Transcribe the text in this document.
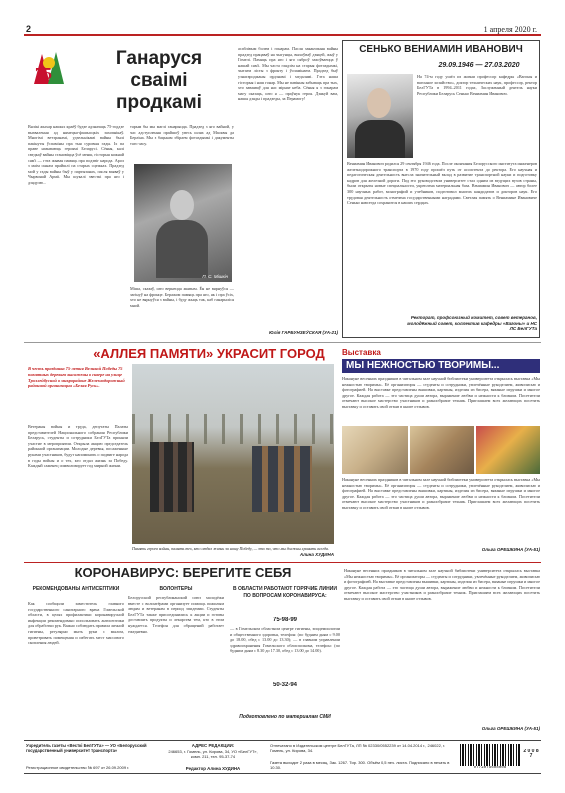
2	1 апреля 2020 г.
75
Ганаруся
сваімі
продкамі
Вялікі жыхар нашых краёў будзе адзначаць 75-годдзе вызвалення ад нямецка-фашысцкіх захопнікаў. Многімі ветэранамі, удзельнікамі вайны былі пакінуты ўспаміны пра тыя суровыя гады. Іх па праве называюць героямі Беларусі. Сёння, калі сведкаў вайны становіцца ўсё менш, гісторыя кожнай сям'і — гэта жывая памяць пра подзвіг народа. Арол з маім сынам прайшлі па старых сцежках. Прадзед мой у гады вайны быў у партызанах, пасля ваяваў у Чырвонай Арміі. Мы шукалі звесткі пра яго і дзядулю...
тарым бы мы маглі ганарыцца. Прадзед з яго вайной, у час адступлення прайшоў увесь шлях ад Масквы да Берліна. Мы з бацькам збіраем фотаздымкі і дакументы таго часу.
П. С. Мішкін
Міша, сказаў, што вернецца жывым. Ён не вярнуўся — загінуў на фронце. Беражом памяць пра яго, як і пра ўсіх, хто не вярнуўся з вайны, і буду жыць так, каб ганарыліся мной.
асаблівым болем і гонарам. Пасля заканчэння вайны прадзед працаваў на чыгунцы, выхоўваў дзяцей, жыў у Гомелі. Памяць пра яго і яго сяброў захоўваецца ў нашай сям'і. Мы часта глядзім на старыя фотаздымкі, чытаем лісты з фронту і ўспамінаем. Прадзед быў узнагароджаны ордэнамі і медалямі. Гэта наша гісторыя і наш гонар. Мы не павінны забываць пра тых, хто заваяваў для нас мірнае неба. Сёння я з гонарам магу сказаць, што я — праўнук героя. Дзякуй вам, нашы дзяды і прадзеды, за Перамогу!
Юлія ГАРБУНЗЕЎСКАЯ (УА-21)
СЕНЬКО ВЕНИАМИН ИВАНОВИЧ
29.09.1946 — 27.03.2020
На 74-м году ушёл из жизни профессор кафедры «Вагоны и вагонное хозяйство», доктор технических наук, профессор, ректор БелГУТа в 1994–2011 годах, Заслуженный деятель науки Республики Беларусь Сенько Вениамин Иванович.
Вениамин Иванович родился 29 сентября 1946 года. После окончания Белорусского института инженеров железнодорожного транспорта в 1970 году прошёл путь от ассистента до ректора. Его научная и педагогическая деятельность внесла значительный вклад в развитие транспортной науки и подготовку кадров для железной дороги. Под его руководством университет стал одним из ведущих вузов страны, были открыты новые специальности, укреплена материальная база. Вениамин Иванович — автор более 300 научных работ, монографий и учебников, подготовил многих кандидатов и докторов наук. Его трудовая деятельность отмечена государственными наградами. Светлая память о Вениамине Ивановиче Сенько навсегда сохранится в наших сердцах.
Ректорат, профсоюзный комитет, совет ветеранов, молодёжный совет, коллектив кафедры «Вагоны» и НС ЛС БелГУТа
«АЛЛЕЯ ПАМЯТИ» УКРАСИТ ГОРОД
В честь праздника 75-летия Великой Победы 75 памятных деревьев высажены в сквере на улице Троллейбусной в микрорайоне Железнодорожный районной организации «Белая Русь».
Ветераны войны и труда, депутаты Палаты представителей Национального собрания Республики Беларусь, студенты и сотрудники БелГУТа приняли участие в мероприятии. Открыла акцию председатель районной организации. Молодые деревья, посаженные руками участников, будут напоминать о подвиге народа в годы войны и о тех, кто отдал жизнь за Победу. Каждый саженец символизирует год мирной жизни.
Память героев войны, память тех, кто отдал жизнь за нашу Победу, — это то, что мы должны хранить всегда.
Алина ХУДИНА
Выставка
МЫ НЕЖНОСТЬЮ ТВОРИМЫ...
Накануне весенних праздников в читальном зале научной библиотеки университета открылась выставка «Мы нежностью творимы». Её организаторы — студенты и сотрудники, увлечённые рукоделием, живописью и фотографией. На выставке представлены вышивки, картины, изделия из бисера, вязаные игрушки и многое другое. Каждая работа — это частица души автора, выражение любви и нежности к близким. Посетители отмечают высокое мастерство участников и разнообразие техник. Приглашаем всех желающих посетить выставку и оставить свой отзыв в книге отзывов.
Накануне весенних праздников в читальном зале научной библиотеки университета открылась выставка «Мы нежностью творимы». Её организаторы — студенты и сотрудники, увлечённые рукоделием, живописью и фотографией. На выставке представлены вышивки, картины, изделия из бисера, вязаные игрушки и многое другое. Каждая работа — это частица души автора, выражение любви и нежности к близким. Посетители отмечают высокое мастерство участников и разнообразие техник. Приглашаем всех желающих посетить выставку и оставить свой отзыв в книге отзывов.
Ольга ОРЕШКИНА (УА-51)
КОРОНАВИРУС: БЕРЕГИТЕ СЕБЯ
РЕКОМЕНДОВАНЫ АНТИСЕПТИКИ
Как сообщили заместитель главного государственного санитарного врача Гомельской области, в целях профилактики коронавирусной инфекции рекомендовано использовать антисептики для обработки рук. Важно соблюдать правила личной гигиены, регулярно мыть руки с мылом, проветривать помещения и избегать мест массового скопления людей.
ВОЛОНТЁРЫ
Белорусский республиканский союз молодёжи вместе с волонтёрами организует помощь пожилым людям и ветеранам в период эпидемии. Студенты БелГУТа также присоединились к акции и готовы доставлять продукты и лекарства тем, кто в этом нуждается. Телефон для обращений работает ежедневно.
В ОБЛАСТИ РАБОТАЮТ ГОРЯЧИЕ ЛИНИИ ПО ВОПРОСАМ КОРОНАВИРУСА:
75-98-99
— в Гомельском областном центре гигиены, эпидемиологии и общественного здоровья, телефон: (по будним дням с 9.00 до 18.00, обед с 13.00 до 13.30); — в главном управлении здравоохранения Гомельского облисполкома, телефон: (по будним дням с 8.30 до 17.30, обед с 13.00 до 14.00).
50-32-94
Подготовлено по материалам СМИ
Накануне весенних праздников в читальном зале научной библиотеки университета открылась выставка «Мы нежностью творимы». Её организаторы — студенты и сотрудники, увлечённые рукоделием, живописью и фотографией. На выставке представлены вышивки, картины, изделия из бисера, вязаные игрушки и многое другое. Каждая работа — это частица души автора, выражение любви и нежности к близким. Посетители отмечают высокое мастерство участников и разнообразие техник. Приглашаем всех желающих посетить выставку и оставить свой отзыв в книге отзывов.
Ольга ОРЕШКИНА (УА-51)
Учредитель газеты «Весткі БелГУТа» — УО «Белорусский государственный университет транспорта»
Регистрационное свидетельство № 697 от 26.09.2009 г.
АДРЕС РЕДАКЦИИ:
246653, г. Гомель, ул. Кирова, 34, УО «БелГУТ», комн. 211, тел. 95-37-74
Редактор Алина ХУДИНА
Отпечатано в Издательском центре БелГУТа, ЛП № 02330/0552239 от 14.04.2014 г., 246022, г. Гомель, ул. Кирова, 34.
Газета выходит 2 раза в месяц. Зак. 1267. Тир. 300. Объём 0,5 печ. листа. Подписано в печать в 10.30.	9772075608008
2 0 0 8 7
